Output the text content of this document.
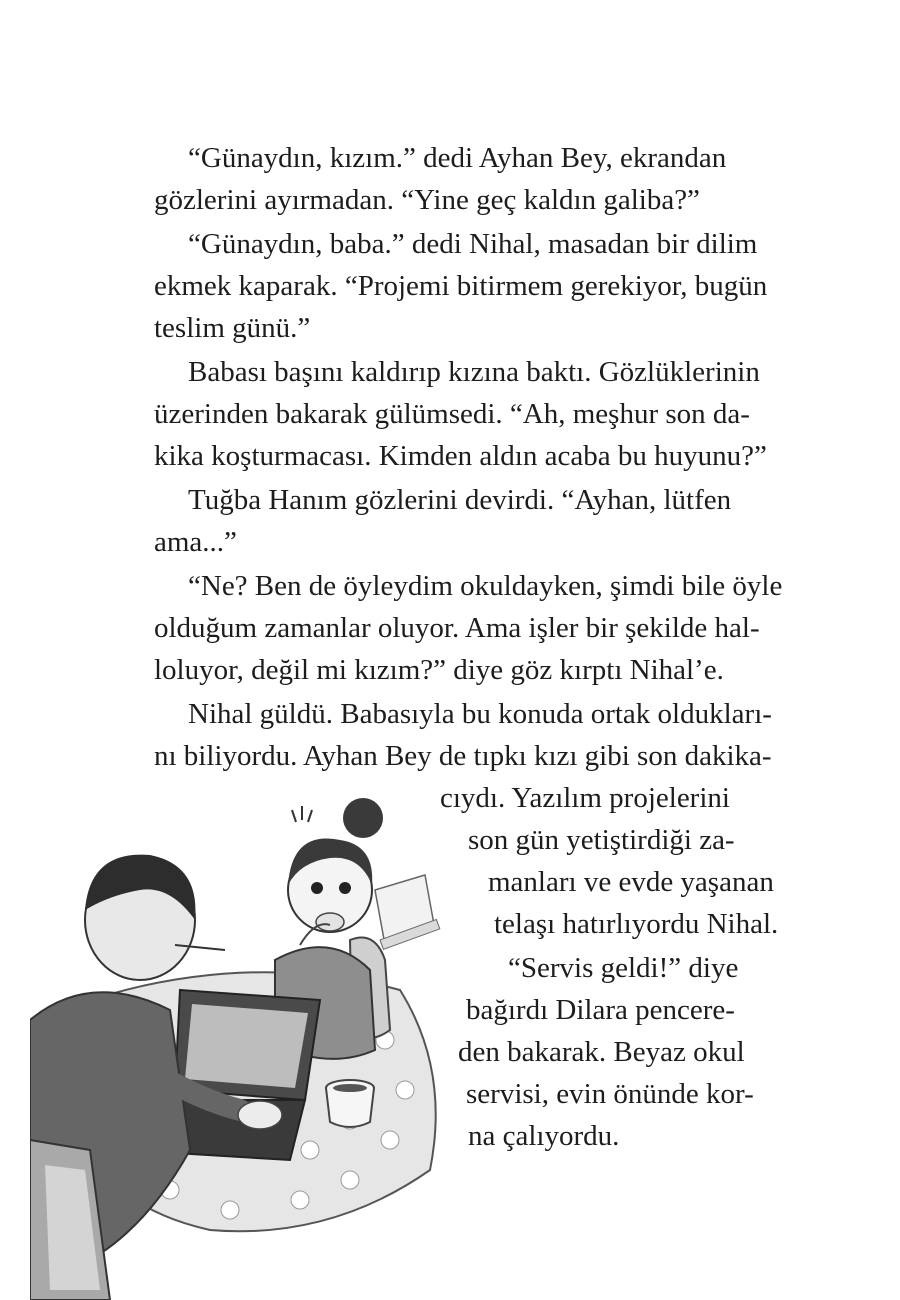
“Günaydın, kızım.” dedi Ayhan Bey, ekrandan
gözlerini ayırmadan. “Yine geç kaldın galiba?”
“Günaydın, baba.” dedi Nihal, masadan bir dilim
ekmek kaparak. “Projemi bitirmem gerekiyor, bugün
teslim günü.”
Babası başını kaldırıp kızına baktı. Gözlüklerinin
üzerinden bakarak gülümsedi. “Ah, meşhur son da-
kika koşturmacası. Kimden aldın acaba bu huyunu?”
Tuğba Hanım gözlerini devirdi. “Ayhan, lütfen
ama...”
“Ne? Ben de öyleydim okuldayken, şimdi bile öyle
olduğum zamanlar oluyor. Ama işler bir şekilde hal-
loluyor, değil mi kızım?” diye göz kırptı Nihal’e.
Nihal güldü. Babasıyla bu konuda ortak oldukları-
nı biliyordu. Ayhan Bey de tıpkı kızı gibi son dakika-
cıydı. Yazılım projelerini
son gün yetiştirdiği za-
manları ve evde yaşanan
telaşı hatırlıyordu Nihal.
“Servis geldi!” diye
bağırdı Dilara pencere-
den bakarak. Beyaz okul
servisi, evin önünde kor-
na çalıyordu.
